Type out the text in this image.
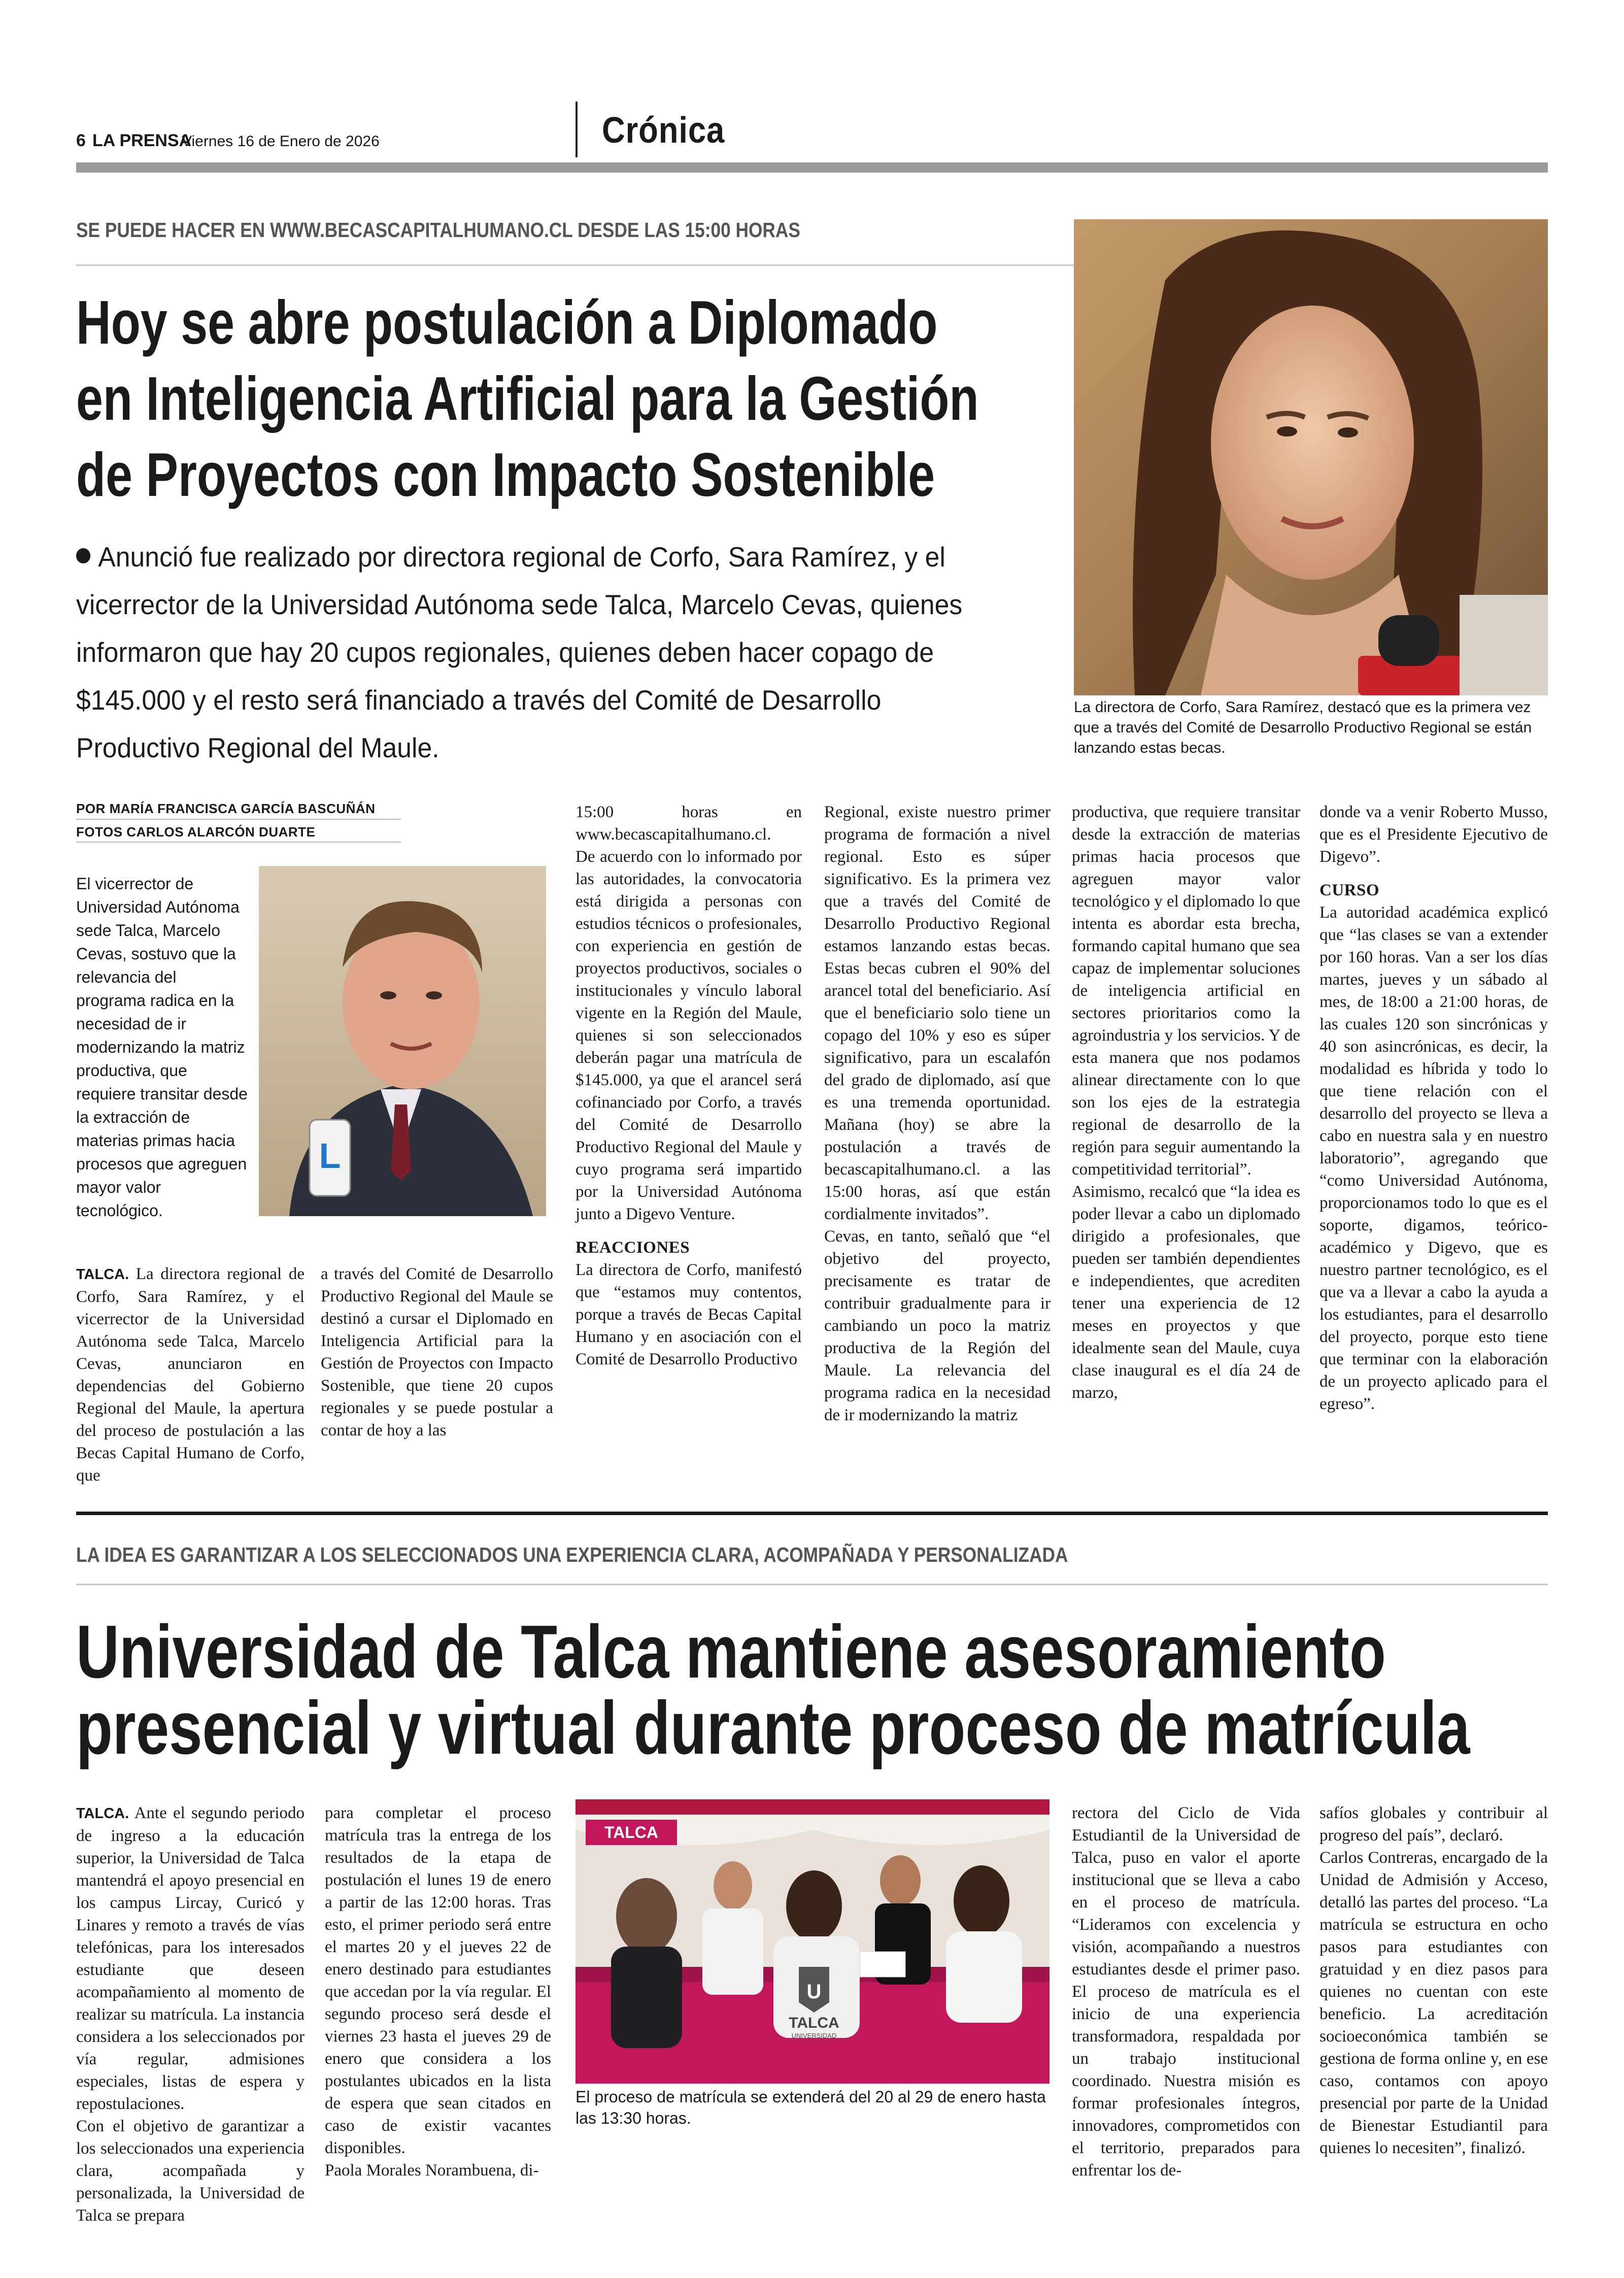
6 LA PRENSA
Viernes 16 de Enero de 2026	Crónica
SE PUEDE HACER EN WWW.BECASCAPITALHUMANO.CL DESDE LAS 15:00 HORAS
Hoy se abre postulación a Diplomado en Inteligencia Artificial para la Gestión de Proyectos con Impacto Sostenible
Anunció fue realizado por directora regional de Corfo, Sara Ramírez, y el vicerrector de la Universidad Autónoma sede Talca, Marcelo Cevas, quienes informaron que hay 20 cupos regionales, quienes deben hacer copago de $145.000 y el resto será financiado a través del Comité de Desarrollo Productivo Regional del Maule.
La directora de Corfo, Sara Ramírez, destacó que es la primera vez que a través del Comité de Desarrollo Productivo Regional se están lanzando estas becas.
POR MARÍA FRANCISCA GARCÍA BASCUÑÁN
FOTOS CARLOS ALARCÓN DUARTE
El vicerrector de Universidad Autónoma sede Talca, Marcelo Cevas, sostuvo que la relevancia del programa radica en la necesidad de ir modernizando la matriz productiva, que requiere transitar desde la extracción de materias primas hacia procesos que agreguen mayor valor tecnológico.
L
TALCA. La directora regional de Corfo, Sara Ramírez, y el vicerrector de la Universidad Autónoma sede Talca, Marcelo Cevas, anunciaron en dependencias del Gobierno Regional del Maule, la apertura del proceso de postulación a las Becas Capital Humano de Corfo, que

a través del Comité de Desarrollo Productivo Regional del Maule se destinó a cursar el Diplomado en Inteligencia Artificial para la Gestión de Proyectos con Impacto Sostenible, que tiene 20 cupos regionales y se puede postular a contar de hoy a las

15:00 horas en www.becascapitalhumano.cl.

De acuerdo con lo informado por las autoridades, la convocatoria está dirigida a personas con estudios técnicos o profesionales, con experiencia en gestión de proyectos productivos, sociales o institucionales y vínculo laboral vigente en la Región del Maule, quienes si son seleccionados deberán pagar una matrícula de $145.000, ya que el arancel será cofinanciado por Corfo, a través del Comité de Desarrollo Productivo Regional del Maule y cuyo programa será impartido por la Universidad Autónoma junto a Digevo Venture.

REACCIONES

La directora de Corfo, manifestó que “estamos muy contentos, porque a través de Becas Capital Humano y en asociación con el Comité de Desarrollo Productivo

Regional, existe nuestro primer programa de formación a nivel regional. Esto es súper significativo. Es la primera vez que a través del Comité de Desarrollo Productivo Regional estamos lanzando estas becas. Estas becas cubren el 90% del arancel total del beneficiario. Así que el beneficiario solo tiene un copago del 10% y eso es súper significativo, para un escalafón del grado de diplomado, así que es una tremenda oportunidad. Mañana (hoy) se abre la postulación a través de becascapitalhumano.cl. a las 15:00 horas, así que están cordialmente invitados”.

Cevas, en tanto, señaló que “el objetivo del proyecto, precisamente es tratar de contribuir gradualmente para ir cambiando un poco la matriz productiva de la Región del Maule. La relevancia del programa radica en la necesidad de ir modernizando la matriz

productiva, que requiere transitar desde la extracción de materias primas hacia procesos que agreguen mayor valor tecnológico y el diplomado lo que intenta es abordar esta brecha, formando capital humano que sea capaz de implementar soluciones de inteligencia artificial en sectores prioritarios como la agroindustria y los servicios. Y de esta manera que nos podamos alinear directamente con lo que son los ejes de la estrategia regional de desarrollo de la región para seguir aumentando la competitividad territorial”.

Asimismo, recalcó que “la idea es poder llevar a cabo un diplomado dirigido a profesionales, que pueden ser también dependientes e independientes, que acrediten tener una experiencia de 12 meses en proyectos y que idealmente sean del Maule, cuya clase inaugural es el día 24 de marzo,

donde va a venir Roberto Musso, que es el Presidente Ejecutivo de Digevo”.

CURSO

La autoridad académica explicó que “las clases se van a extender por 160 horas. Van a ser los días martes, jueves y un sábado al mes, de 18:00 a 21:00 horas, de las cuales 120 son sincrónicas y 40 son asincrónicas, es decir, la modalidad es híbrida y todo lo que tiene relación con el desarrollo del proyecto se lleva a cabo en nuestra sala y en nuestro laboratorio”, agregando que “como Universidad Autónoma, proporcionamos todo lo que es el soporte, digamos, teórico-académico y Digevo, que es nuestro partner tecnológico, es el que va a llevar a cabo la ayuda a los estudiantes, para el desarrollo del proyecto, porque esto tiene que terminar con la elaboración de un proyecto aplicado para el egreso”.

LA IDEA ES GARANTIZAR A LOS SELECCIONADOS UNA EXPERIENCIA CLARA, ACOMPAÑADA Y PERSONALIZADA
Universidad de Talca mantiene asesoramiento presencial y virtual durante proceso de matrícula
TALCA. Ante el segundo periodo de ingreso a la educación superior, la Universidad de Talca mantendrá el apoyo presencial en los campus Lircay, Curicó y Linares y remoto a través de vías telefónicas, para los interesados estudiante que deseen acompañamiento al momento de realizar su matrícula. La instancia considera a los seleccionados por vía regular, admisiones especiales, listas de espera y repostulaciones.

Con el objetivo de garantizar a los seleccionados una experiencia clara, acompañada y personalizada, la Universidad de Talca se prepara

para completar el proceso matrícula tras la entrega de los resultados de la etapa de postulación el lunes 19 de enero a partir de las 12:00 horas. Tras esto, el primer periodo será entre el martes 20 y el jueves 22 de enero destinado para estudiantes que accedan por la vía regular. El segundo proceso será desde el viernes 23 hasta el jueves 29 de enero que considera a los postulantes ubicados en la lista de espera que sean citados en caso de existir vacantes disponibles.

Paola Morales Norambuena, di-

TALCA
U
TALCA
UNIVERSIDAD
El proceso de matrícula se extenderá del 20 al 29 de enero hasta las 13:30 horas.

rectora del Ciclo de Vida Estudiantil de la Universidad de Talca, puso en valor el aporte institucional que se lleva a cabo en el proceso de matrícula. “Lideramos con excelencia y visión, acompañando a nuestros estudiantes desde el primer paso. El proceso de matrícula es el inicio de una experiencia transformadora, respaldada por un trabajo institucional coordinado. Nuestra misión es formar profesionales íntegros, innovadores, comprometidos con el territorio, preparados para enfrentar los de-

safíos globales y contribuir al progreso del país”, declaró.

Carlos Contreras, encargado de la Unidad de Admisión y Acceso, detalló las partes del proceso. “La matrícula se estructura en ocho pasos para estudiantes con gratuidad y en diez pasos para quienes no cuentan con este beneficio. La acreditación socioeconómica también se gestiona de forma online y, en ese caso, contamos con apoyo presencial por parte de la Unidad de Bienestar Estudiantil para quienes lo necesiten”, finalizó.
